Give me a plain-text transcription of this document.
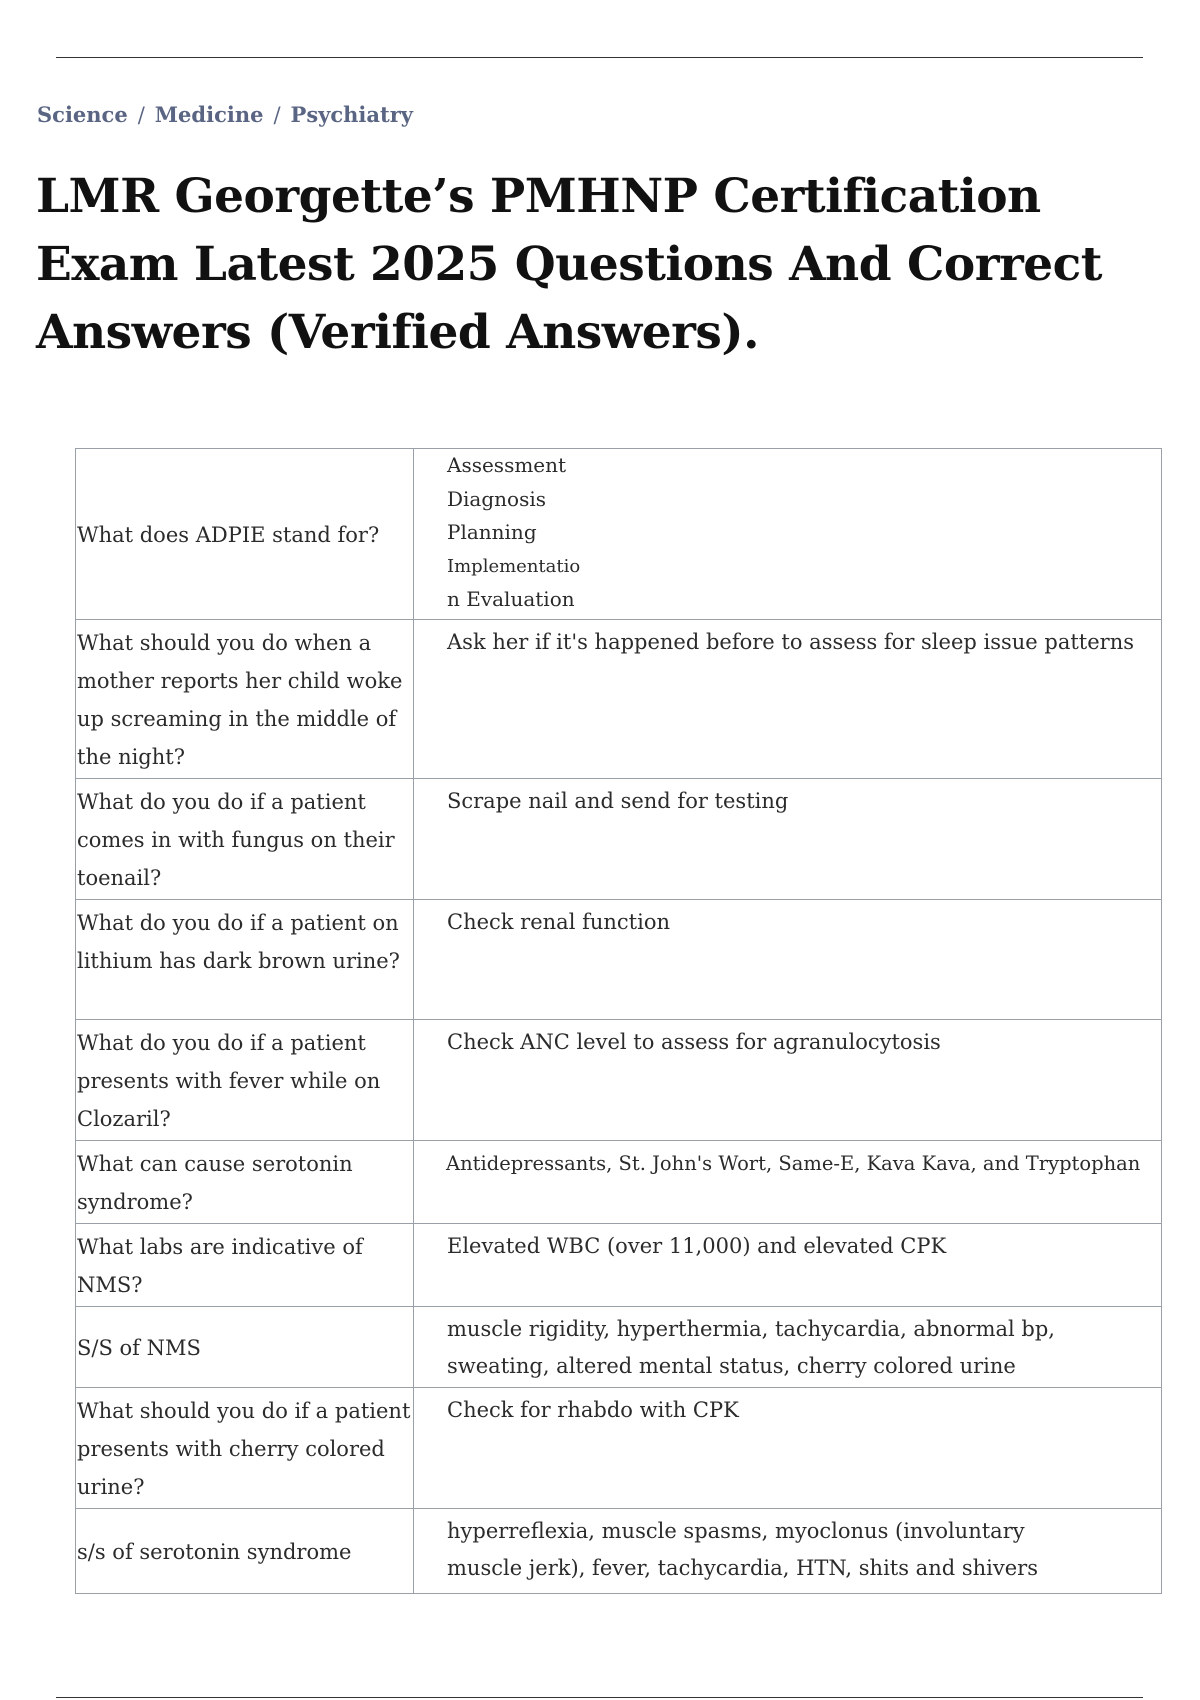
Science / Medicine / Psychiatry
LMR Georgette’s PMHNP Certification Exam Latest 2025 Questions And Correct Answers (Verified Answers).
What does ADPIE stand for?	Assessment
Diagnosis
Planning
Implementatio
n Evaluation

What should you do when a mother reports her child woke up screaming in the middle of the night?	Ask her if it's happened before to assess for sleep issue patterns
What do you do if a patient comes in with fungus on their toenail?	Scrape nail and send for testing
What do you do if a patient on lithium has dark brown urine?	Check renal function
What do you do if a patient presents with fever while on Clozaril?	Check ANC level to assess for agranulocytosis
What can cause serotonin syndrome?	Antidepressants, St. John's Wort, Same-E, Kava Kava, and Tryptophan
What labs are indicative of NMS?	Elevated WBC (over 11,000) and elevated CPK
S/S of NMS	muscle rigidity, hyperthermia, tachycardia, abnormal bp, sweating, altered mental status, cherry colored urine
What should you do if a patient presents with cherry colored urine?	Check for rhabdo with CPK
s/s of serotonin syndrome	hyperreflexia, muscle spasms, myoclonus (involuntary muscle jerk), fever, tachycardia, HTN, shits and shivers
